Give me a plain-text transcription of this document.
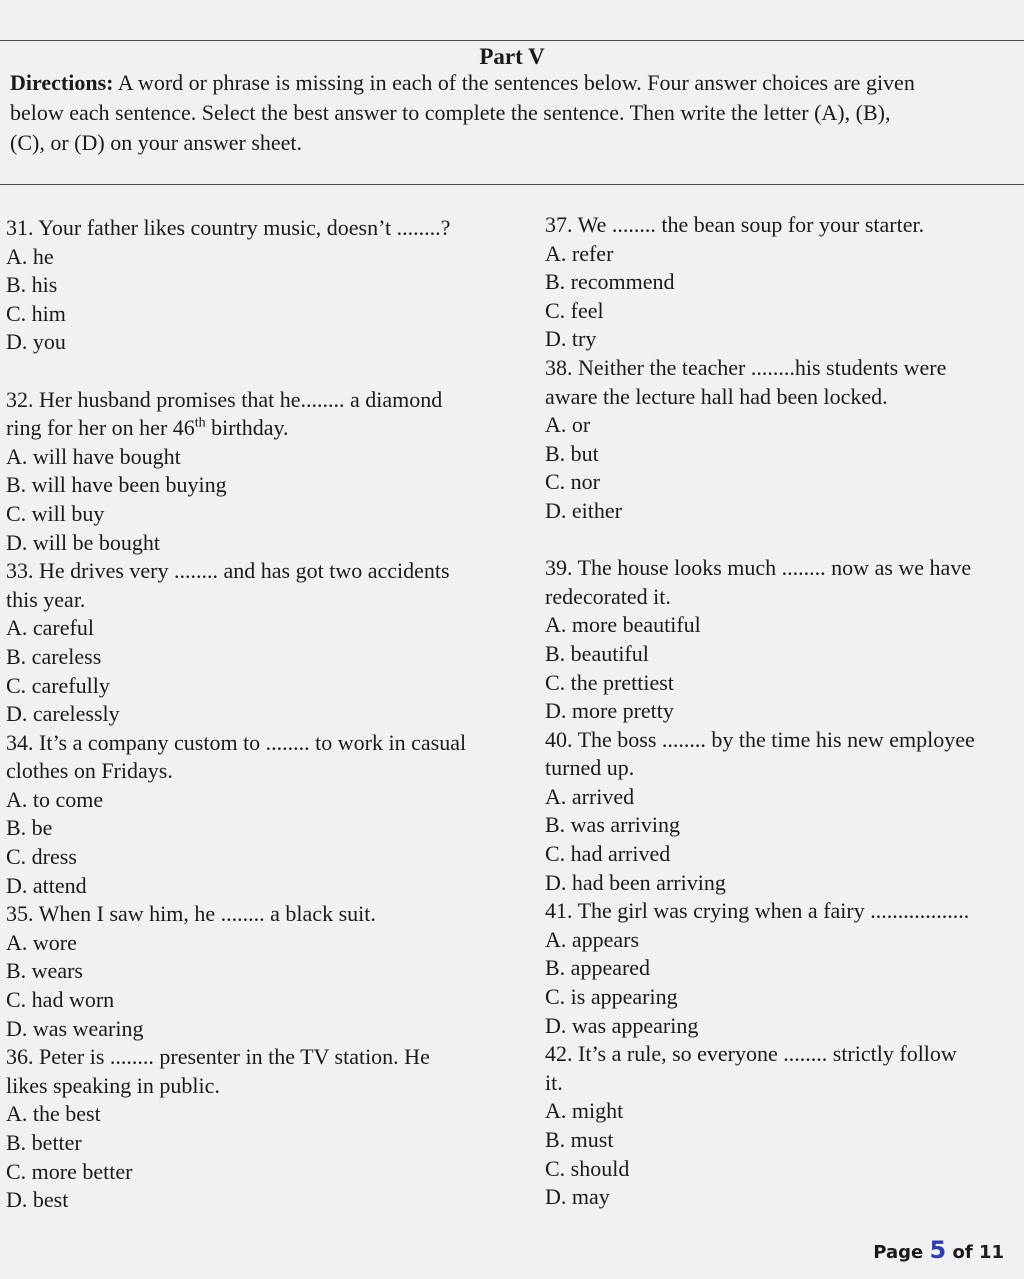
Part V
Directions: A word or phrase is missing in each of the sentences below. Four answer choices are given
below each sentence. Select the best answer to complete the sentence. Then write the letter (A), (B),
(C), or (D) on your answer sheet.
31. Your father likes country music, doesn’t ........?
A. he
B. his
C. him
D. you
32. Her husband promises that he........ a diamond
ring for her on her 46th birthday.
A. will have bought
B. will have been buying
C. will buy
D. will be bought
33. He drives very ........ and has got two accidents
this year.
A. careful
B. careless
C. carefully
D. carelessly
34. It’s a company custom to ........ to work in casual
clothes on Fridays.
A. to come
B. be
C. dress
D. attend
35. When I saw him, he ........ a black suit.
A. wore
B. wears
C. had worn
D. was wearing
36. Peter is ........ presenter in the TV station. He
likes speaking in public.
A. the best
B. better
C. more better
D. best
37. We ........ the bean soup for your starter.
A. refer
B. recommend
C. feel
D. try
38. Neither the teacher ........his students were
aware the lecture hall had been locked.
A. or
B. but
C. nor
D. either
39. The house looks much ........ now as we have
redecorated it.
A. more beautiful
B. beautiful
C. the prettiest
D. more pretty
40. The boss ........ by the time his new employee
turned up.
A. arrived
B. was arriving
C. had arrived
D. had been arriving
41. The girl was crying when a fairy ..................
A. appears
B. appeared
C. is appearing
D. was appearing
42. It’s a rule, so everyone ........ strictly follow
it.
A. might
B. must
C. should
D. may
Page 5 of 11
